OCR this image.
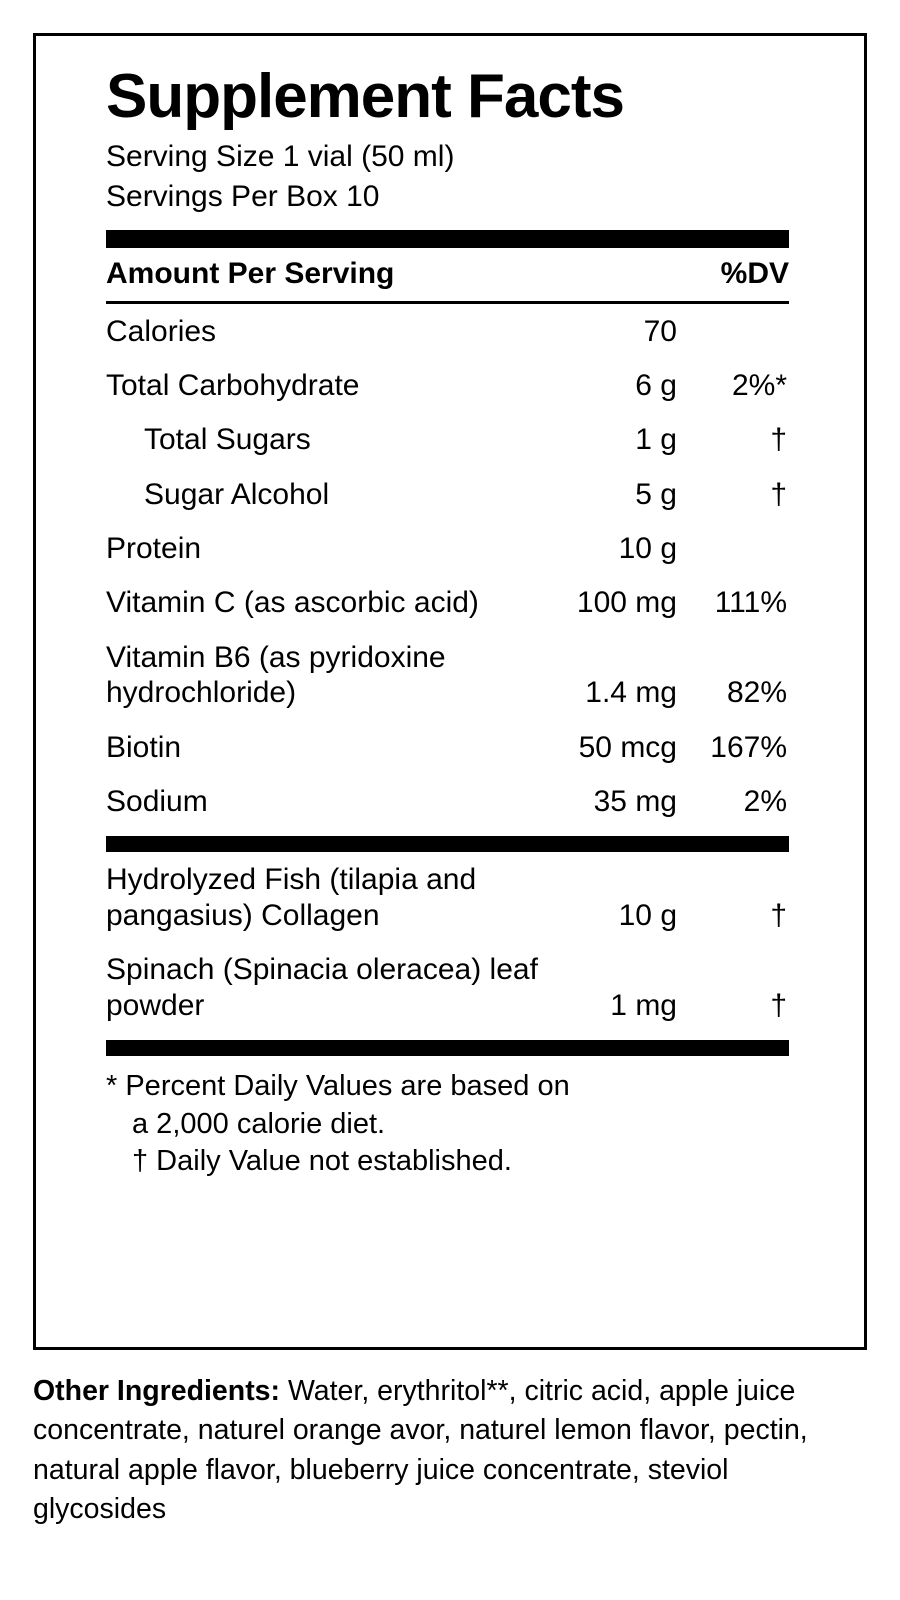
Supplement Facts
Serving Size 1 vial (50 ml)
Servings Per Box 10
Amount Per Serving		%DV
Calories	70	
Total Carbohydrate	6 g	2%*
Total Sugars	1 g	†
Sugar Alcohol	5 g	†
Protein	10 g	
Vitamin C (as ascorbic acid)	100 mg	111%
Vitamin B6 (as pyridoxine hydrochloride)	1.4 mg	82%
Biotin	50 mcg	167%
Sodium	35 mg	2%
Hydrolyzed Fish (tilapia and pangasius) Collagen	10 g	†
Spinach (Spinacia oleracea) leaf powder	1 mg	†
* Percent Daily Values are based on
a 2,000 calorie diet.
† Daily Value not established.
Other Ingredients: Water, erythritol**, citric acid, apple juice concentrate, naturel orange avor, naturel lemon flavor, pectin, natural apple flavor, blueberry juice concentrate, steviol glycosides
